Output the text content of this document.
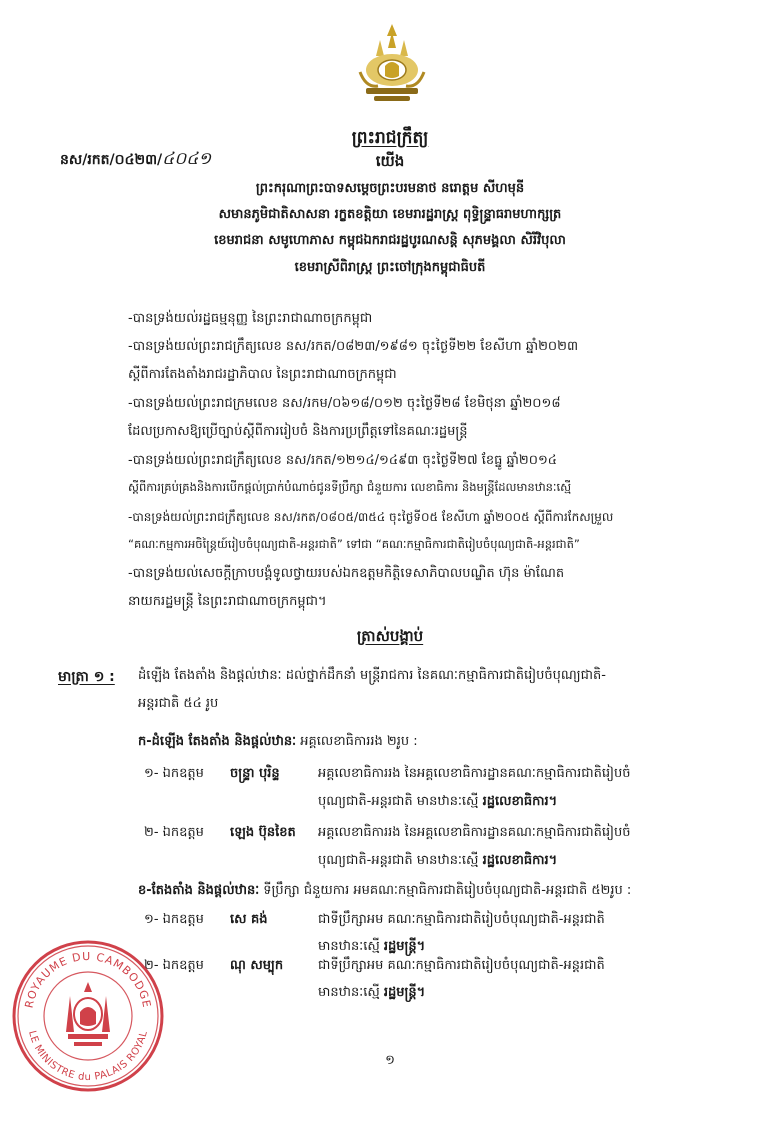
នស/រកត/០៤២៣/៤០៤១
ព្រះរាជក្រឹត្យ
យើង
ព្រះករុណាព្រះបាទសម្តេចព្រះបរមនាថ នរោត្តម សីហមុនី
សមានភូមិជាតិសាសនា រក្ខតខត្តិយា ខេមរារដ្ឋរាស្ត្រ ពុទ្ធិន្ទ្រាធរាមហាក្សត្រ
ខេមរាជនា សមូហោភាស កម្ពុជឯករាជរដ្ឋបូរណសន្តិ សុភមង្គលា សិរីវិបុលា
ខេមរាស្រីពិរាស្ត្រ ព្រះចៅក្រុងកម្ពុជាធិបតី
-បានទ្រង់យល់រដ្ឋធម្មនុញ្ញ នៃព្រះរាជាណាចក្រកម្ពុជា
-បានទ្រង់យល់ព្រះរាជក្រឹត្យលេខ នស/រកត/០៨២៣/១៩៨១ ចុះថ្ងៃទី២២ ខែសីហា ឆ្នាំ២០២៣
ស្តីពីការតែងតាំងរាជរដ្ឋាភិបាល នៃព្រះរាជាណាចក្រកម្ពុជា
-បានទ្រង់យល់ព្រះរាជក្រមលេខ នស/រកម/០៦១៨/០១២ ចុះថ្ងៃទី២៨ ខែមិថុនា ឆ្នាំ២០១៨
ដែលប្រកាសឱ្យប្រើច្បាប់ស្តីពីការរៀបចំ និងការប្រព្រឹត្តទៅនៃគណៈរដ្ឋមន្ត្រី
-បានទ្រង់យល់ព្រះរាជក្រឹត្យលេខ នស/រកត/១២១៤/១៤៩៣ ចុះថ្ងៃទី២៧ ខែធ្នូ ឆ្នាំ២០១៤
ស្តីពីការគ្រប់គ្រងនិងការបើកផ្តល់ប្រាក់បំណាច់ជូនទីប្រឹក្សា ជំនួយការ លេខាធិការ និងមន្ត្រីដែលមានឋានៈស្មើ
-បានទ្រង់យល់ព្រះរាជក្រឹត្យលេខ នស/រកត/០៨០៥/៣៥៤ ចុះថ្ងៃទី០៥ ខែសីហា ឆ្នាំ២០០៥ ស្តីពីការកែសម្រួល
“គណៈកម្មការអចិន្ត្រៃយ៍រៀបចំបុណ្យជាតិ-អន្តរជាតិ” ទៅជា “គណៈកម្មាធិការជាតិរៀបចំបុណ្យជាតិ-អន្តរជាតិ”
-បានទ្រង់យល់សេចក្តីក្រាបបង្គំទូលថ្វាយរបស់ឯកឧត្តមកិត្តិទេសាភិបាលបណ្ឌិត ហ៊ុន ម៉ាណែត
នាយករដ្ឋមន្ត្រី នៃព្រះរាជាណាចក្រកម្ពុជា។
ត្រាស់បង្គាប់
មាត្រា ១ : ដំឡើង តែងតាំង និងផ្តល់ឋានៈ ដល់ថ្នាក់ដឹកនាំ មន្ត្រីរាជការ នៃគណៈកម្មាធិការជាតិរៀបចំបុណ្យជាតិ-
អន្តរជាតិ ៥៤ រូប
ក-ដំឡើង តែងតាំង និងផ្តល់ឋានៈ អគ្គលេខាធិការរង ២រូប :
១- ឯកឧត្តម ចន្ទ្រា បុរិន្ទ	អគ្គលេខាធិការរង នៃអគ្គលេខាធិការដ្ឋានគណៈកម្មាធិការជាតិរៀបចំ
បុណ្យជាតិ-អន្តរជាតិ មានឋានៈស្មើ រដ្ឋលេខាធិការ។
២- ឯកឧត្តម ឡេង ប៊ុនខៃត អគ្គលេខាធិការរង នៃអគ្គលេខាធិការដ្ឋានគណៈកម្មាធិការជាតិរៀបចំ
បុណ្យជាតិ-អន្តរជាតិ មានឋានៈស្មើ រដ្ឋលេខាធិការ។
ខ-តែងតាំង និងផ្តល់ឋានៈ ទីប្រឹក្សា ជំនួយការ អមគណៈកម្មាធិការជាតិរៀបចំបុណ្យជាតិ-អន្តរជាតិ ៥២រូប :
១- ឯកឧត្តម សេ គង់	ជាទីប្រឹក្សាអម គណៈកម្មាធិការជាតិរៀបចំបុណ្យជាតិ-អន្តរជាតិ
មានឋានៈស្មើ រដ្ឋមន្ត្រី។
២- ឯកឧត្តម ណុ សម្បុក	ជាទីប្រឹក្សាអម គណៈកម្មាធិការជាតិរៀបចំបុណ្យជាតិ-អន្តរជាតិ
មានឋានៈស្មើ រដ្ឋមន្ត្រី។
ROYAUME DU CAMBODGE
LE MINISTRE du PALAIS ROYAL
១
